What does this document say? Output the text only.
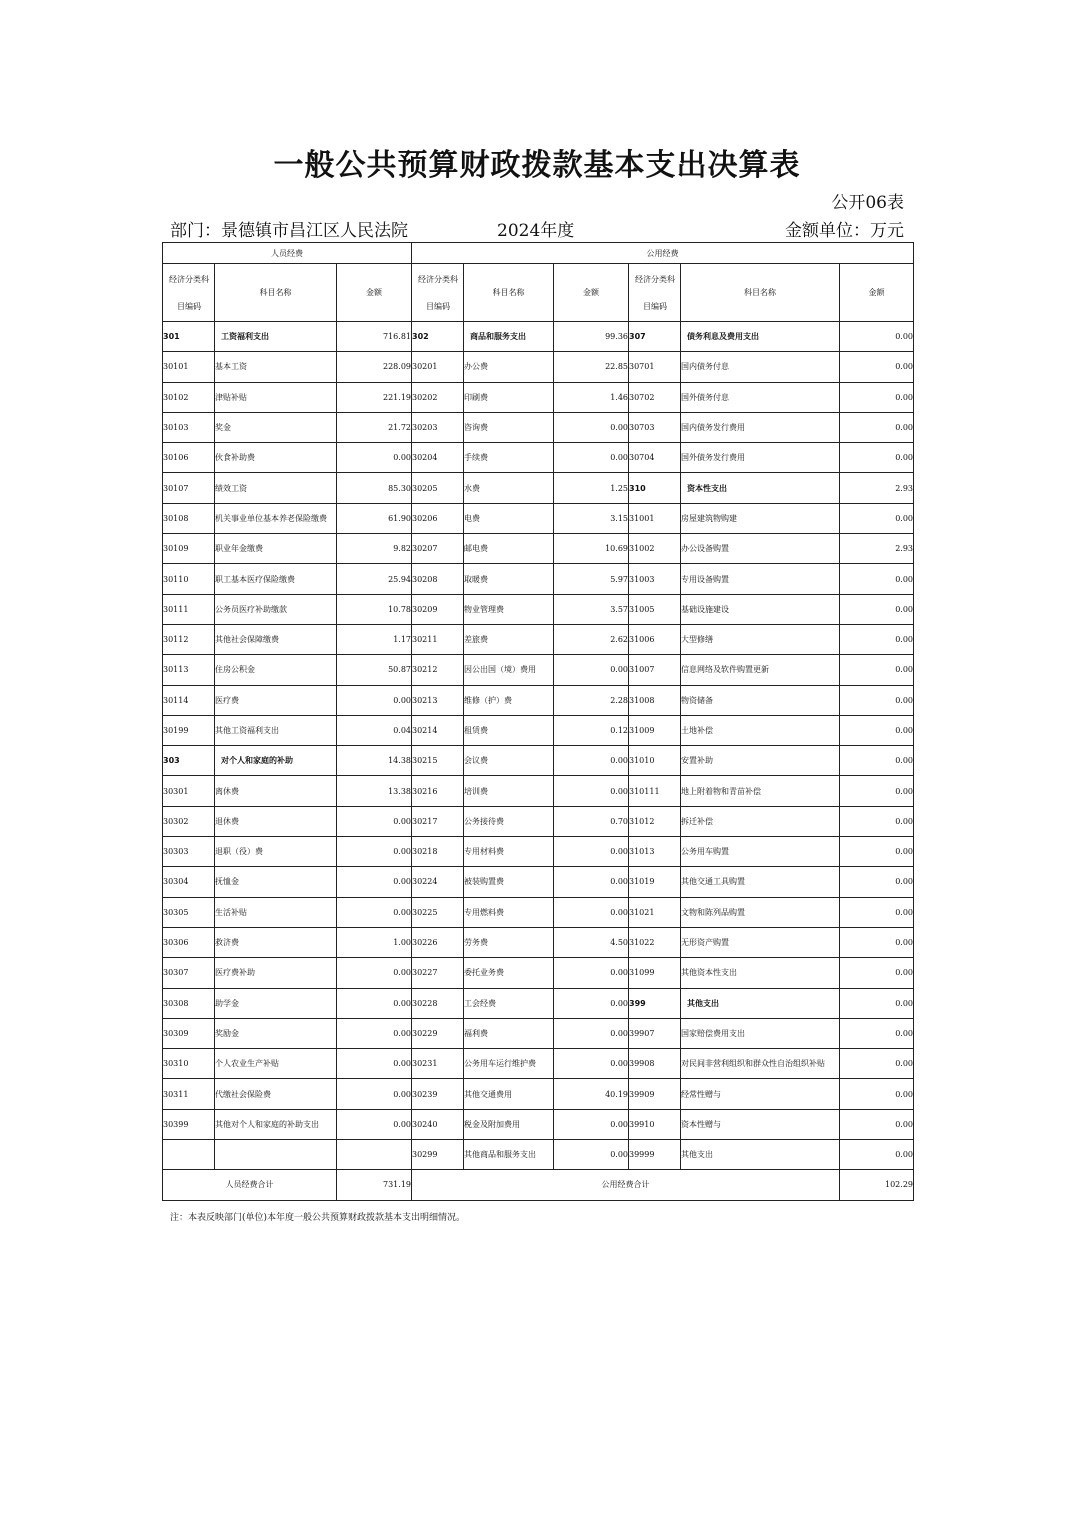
一般公共预算财政拨款基本支出决算表
公开06表
部门：景德镇市昌江区人民法院	2024年度	金额单位：万元
人员经费			公用经费					

经济分类科
目编码	科目名称	金额	经济分类科
目编码	科目名称	金额	经济分类科
目编码	科目名称	金额
301	工资福利支出	716.81	302	商品和服务支出	99.36	307	债务利息及费用支出	0.00
30101	基本工资	228.09	30201	办公费	22.85	30701	国内债务付息	0.00
30102	津贴补贴	221.19	30202	印刷费	1.46	30702	国外债务付息	0.00
30103	奖金	21.72	30203	咨询费	0.00	30703	国内债务发行费用	0.00
30106	伙食补助费	0.00	30204	手续费	0.00	30704	国外债务发行费用	0.00
30107	绩效工资	85.30	30205	水费	1.25	310	资本性支出	2.93
30108	机关事业单位基本养老保险缴费	61.90	30206	电费	3.15	31001	房屋建筑物购建	0.00
30109	职业年金缴费	9.82	30207	邮电费	10.69	31002	办公设备购置	2.93
30110	职工基本医疗保险缴费	25.94	30208	取暖费	5.97	31003	专用设备购置	0.00
30111	公务员医疗补助缴款	10.78	30209	物业管理费	3.57	31005	基础设施建设	0.00
30112	其他社会保障缴费	1.17	30211	差旅费	2.62	31006	大型修缮	0.00
30113	住房公积金	50.87	30212	因公出国（境）费用	0.00	31007	信息网络及软件购置更新	0.00
30114	医疗费	0.00	30213	维修（护）费	2.28	31008	物资储备	0.00
30199	其他工资福利支出	0.04	30214	租赁费	0.12	31009	土地补偿	0.00
303	对个人和家庭的补助	14.38	30215	会议费	0.00	31010	安置补助	0.00
30301	离休费	13.38	30216	培训费	0.00	310111	地上附着物和青苗补偿	0.00
30302	退休费	0.00	30217	公务接待费	0.70	31012	拆迁补偿	0.00
30303	退职（役）费	0.00	30218	专用材料费	0.00	31013	公务用车购置	0.00
30304	抚恤金	0.00	30224	被装购置费	0.00	31019	其他交通工具购置	0.00
30305	生活补贴	0.00	30225	专用燃料费	0.00	31021	文物和陈列品购置	0.00
30306	救济费	1.00	30226	劳务费	4.50	31022	无形资产购置	0.00
30307	医疗费补助	0.00	30227	委托业务费	0.00	31099	其他资本性支出	0.00
30308	助学金	0.00	30228	工会经费	0.00	399	其他支出	0.00
30309	奖励金	0.00	30229	福利费	0.00	39907	国家赔偿费用支出	0.00
30310	个人农业生产补贴	0.00	30231	公务用车运行维护费	0.00	39908	对民间非营利组织和群众性自治组织补贴	0.00
30311	代缴社会保险费	0.00	30239	其他交通费用	40.19	39909	经常性赠与	0.00
30399	其他对个人和家庭的补助支出	0.00	30240	税金及附加费用	0.00	39910	资本性赠与	0.00
			30299	其他商品和服务支出	0.00	39999	其他支出	0.00
人员经费合计		731.19	公用经费合计					102.29
注：本表反映部门(单位)本年度一般公共预算财政拨款基本支出明细情况。
